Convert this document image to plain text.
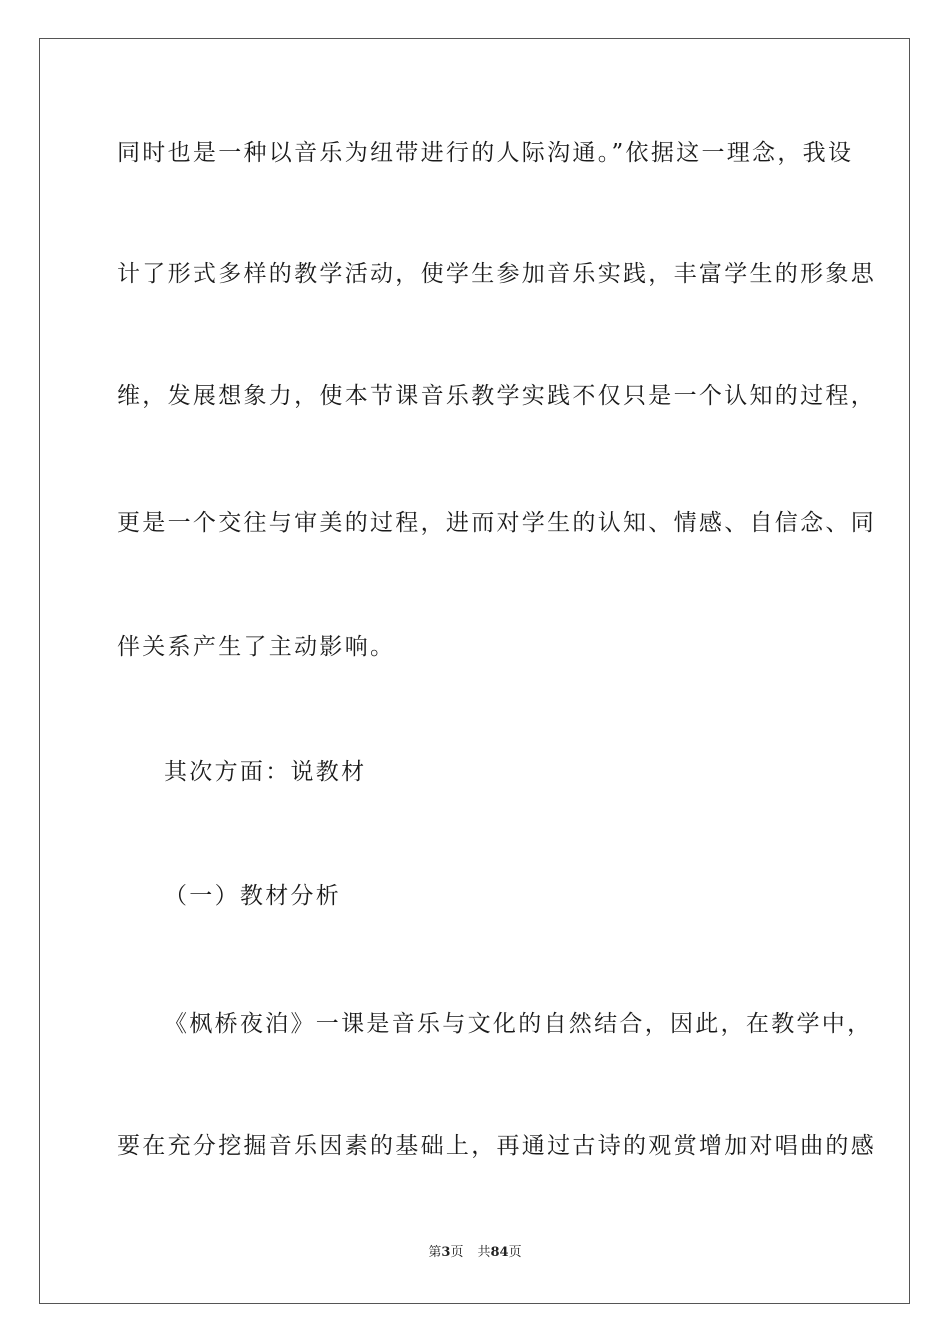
同时也是一种以音乐为纽带进行的人际沟通。”依据这一理念，我设
计了形式多样的教学活动，使学生参加音乐实践，丰富学生的形象思
维，发展想象力，使本节课音乐教学实践不仅只是一个认知的过程，
更是一个交往与审美的过程，进而对学生的认知、情感、自信念、同
伴关系产生了主动影响。
其次方面：说教材
（一）教材分析
《枫桥夜泊》一课是音乐与文化的自然结合，因此，在教学中，
要在充分挖掘音乐因素的基础上，再通过古诗的观赏增加对唱曲的感
第3页 共84页
